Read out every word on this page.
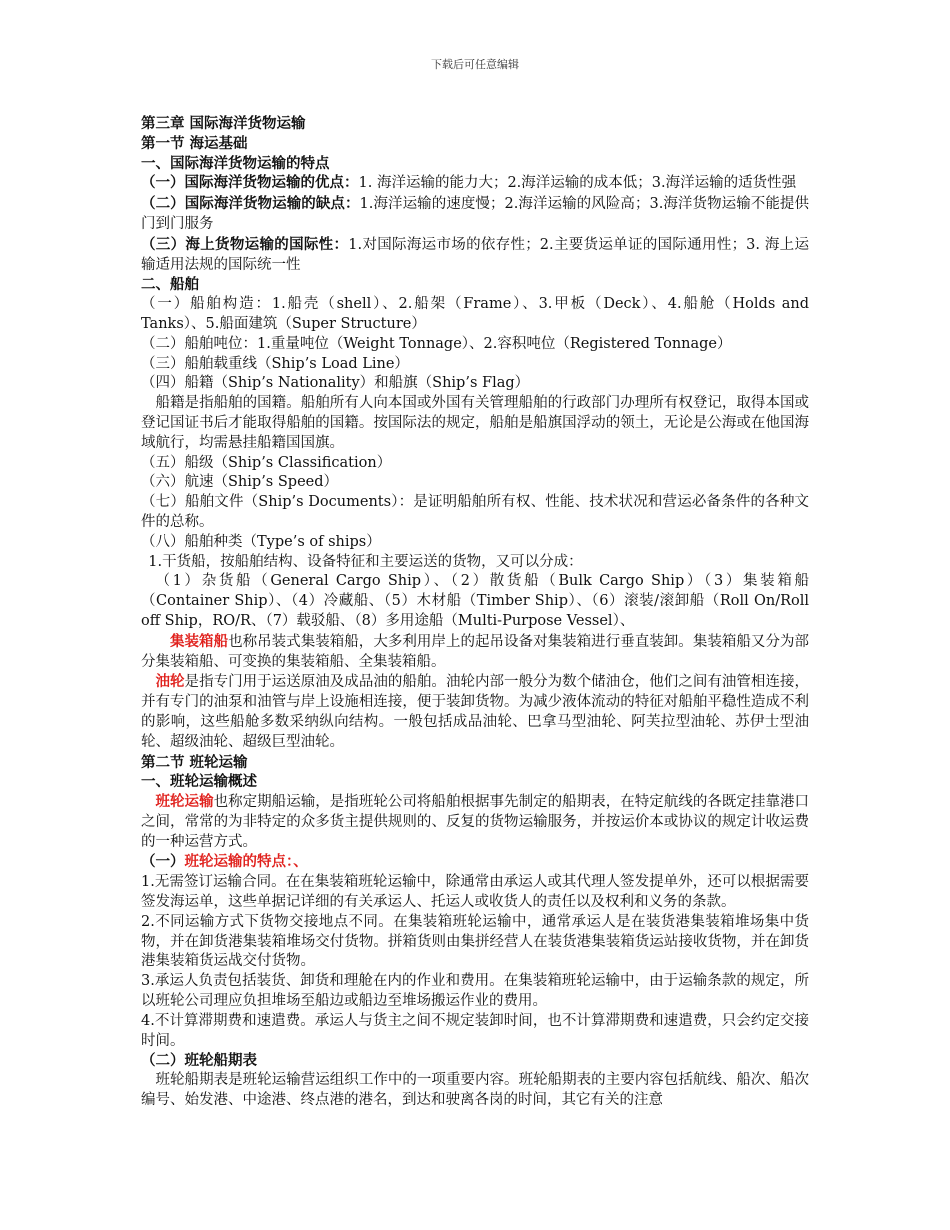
下载后可任意编辑

第三章 国际海洋货物运输

第一节 海运基础

一、国际海洋货物运输的特点

（一）国际海洋货物运输的优点：1. 海洋运输的能力大；2.海洋运输的成本低；3.海洋运输的适货性强

（二）国际海洋货物运输的缺点：1.海洋运输的速度慢；2.海洋运输的风险高；3.海洋货物运输不能提供门到门服务

（三）海上货物运输的国际性：1.对国际海运市场的依存性；2.主要货运单证的国际通用性；3. 海上运输适用法规的国际统一性

二、船舶

（一）船舶构造：1.船壳（shell）、2.船架（Frame）、3.甲板（Deck）、4.船舱（Holds and Tanks）、5.船面建筑（Super Structure）

（二）船舶吨位：1.重量吨位（Weight Tonnage）、2.容积吨位（Registered Tonnage）

（三）船舶载重线（Ship’s Load Line）

（四）船籍（Ship’s Nationality）和船旗（Ship’s Flag）

船籍是指船舶的国籍。船舶所有人向本国或外国有关管理船舶的行政部门办理所有权登记，取得本国或登记国证书后才能取得船舶的国籍。按国际法的规定，船舶是船旗国浮动的领土，无论是公海或在他国海域航行，均需悬挂船籍国国旗。

（五）船级（Ship’s Classification）

（六）航速（Ship’s Speed）

（七）船舶文件（Ship’s Documents）：是证明船舶所有权、性能、技术状况和营运必备条件的各种文件的总称。

（八）船舶种类（Type’s of ships）

1.干货船，按船舶结构、设备特征和主要运送的货物，又可以分成：

（1）杂货船（General Cargo Ship）、（2）散货船（Bulk Cargo Ship）（3）集装箱船（Container Ship）、（4）冷藏船、（5）木材船（Timber Ship）、（6）滚装/滚卸船（Roll On/Roll off Ship，RO/R、（7）载驳船、（8）多用途船（Multi-Purpose Vessel）、

集装箱船也称吊装式集装箱船，大多利用岸上的起吊设备对集装箱进行垂直装卸。集装箱船又分为部分集装箱船、可变换的集装箱船、全集装箱船。

油轮是指专门用于运送原油及成品油的船舶。油轮内部一般分为数个储油仓，他们之间有油管相连接，并有专门的油泵和油管与岸上设施相连接，便于装卸货物。为减少液体流动的特征对船舶平稳性造成不利的影响，这些船舱多数采纳纵向结构。一般包括成品油轮、巴拿马型油轮、阿芙拉型油轮、苏伊士型油轮、超级油轮、超级巨型油轮。

第二节 班轮运输

一、班轮运输概述

班轮运输也称定期船运输，是指班轮公司将船舶根据事先制定的船期表，在特定航线的各既定挂靠港口之间，常常的为非特定的众多货主提供规则的、反复的货物运输服务，并按运价本或协议的规定计收运费的一种运营方式。

（一）班轮运输的特点：、

1.无需签订运输合同。在在集装箱班轮运输中，除通常由承运人或其代理人签发提单外，还可以根据需要签发海运单，这些单据记详细的有关承运人、托运人或收货人的责任以及权利和义务的条款。

2.不同运输方式下货物交接地点不同。在集装箱班轮运输中，通常承运人是在装货港集装箱堆场集中货物，并在卸货港集装箱堆场交付货物。拼箱货则由集拼经营人在装货港集装箱货运站接收货物，并在卸货港集装箱货运战交付货物。

3.承运人负责包括装货、卸货和理舱在内的作业和费用。在集装箱班轮运输中，由于运输条款的规定，所以班轮公司理应负担堆场至船边或船边至堆场搬运作业的费用。

4.不计算滞期费和速遣费。承运人与货主之间不规定装卸时间，也不计算滞期费和速遣费，只会约定交接时间。

（二）班轮船期表

班轮船期表是班轮运输营运组织工作中的一项重要内容。班轮船期表的主要内容包括航线、船次、船次编号、始发港、中途港、终点港的港名，到达和驶离各岗的时间，其它有关的注意
